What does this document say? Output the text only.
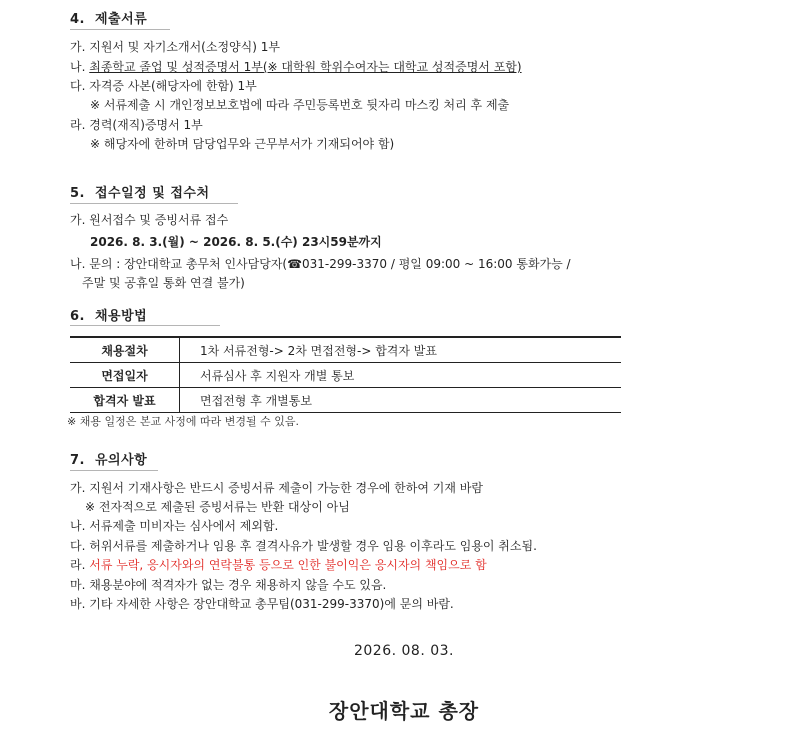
4. 제출서류
가. 지원서 및 자기소개서(소정양식) 1부
나. 최종학교 졸업 및 성적증명서 1부(※ 대학원 학위수여자는 대학교 성적증명서 포함)
다. 자격증 사본(해당자에 한함) 1부
※ 서류제출 시 개인정보보호법에 따라 주민등록번호 뒷자리 마스킹 처리 후 제출
라. 경력(재직)증명서 1부
※ 해당자에 한하며 담당업무와 근무부서가 기재되어야 함)
5. 접수일정 및 접수처
가. 원서접수 및 증빙서류 접수
2026. 8. 3.(월) ~ 2026. 8. 5.(수) 23시59분까지
나. 문의 : 장안대학교 총무처 인사담당자(☎031-299-3370 / 평일 09:00 ~ 16:00 통화가능 /
주말 및 공휴일 통화 연결 불가)
6. 채용방법
채용절차	1차 서류전형-> 2차 면접전형-> 합격자 발표
면접일자	서류심사 후 지원자 개별 통보
합격자 발표	면접전형 후 개별통보
※ 채용 일정은 본교 사정에 따라 변경될 수 있음.
7. 유의사항
가. 지원서 기재사항은 반드시 증빙서류 제출이 가능한 경우에 한하여 기재 바람
※ 전자적으로 제출된 증빙서류는 반환 대상이 아님
나. 서류제출 미비자는 심사에서 제외함.
다. 허위서류를 제출하거나 임용 후 결격사유가 발생할 경우 임용 이후라도 임용이 취소됨.
라. 서류 누락, 응시자와의 연락불통 등으로 인한 불이익은 응시자의 책임으로 함
마. 채용분야에 적격자가 없는 경우 채용하지 않을 수도 있음.
바. 기타 자세한 사항은 장안대학교 총무팀(031-299-3370)에 문의 바람.
2026. 08. 03.
장안대학교 총장
